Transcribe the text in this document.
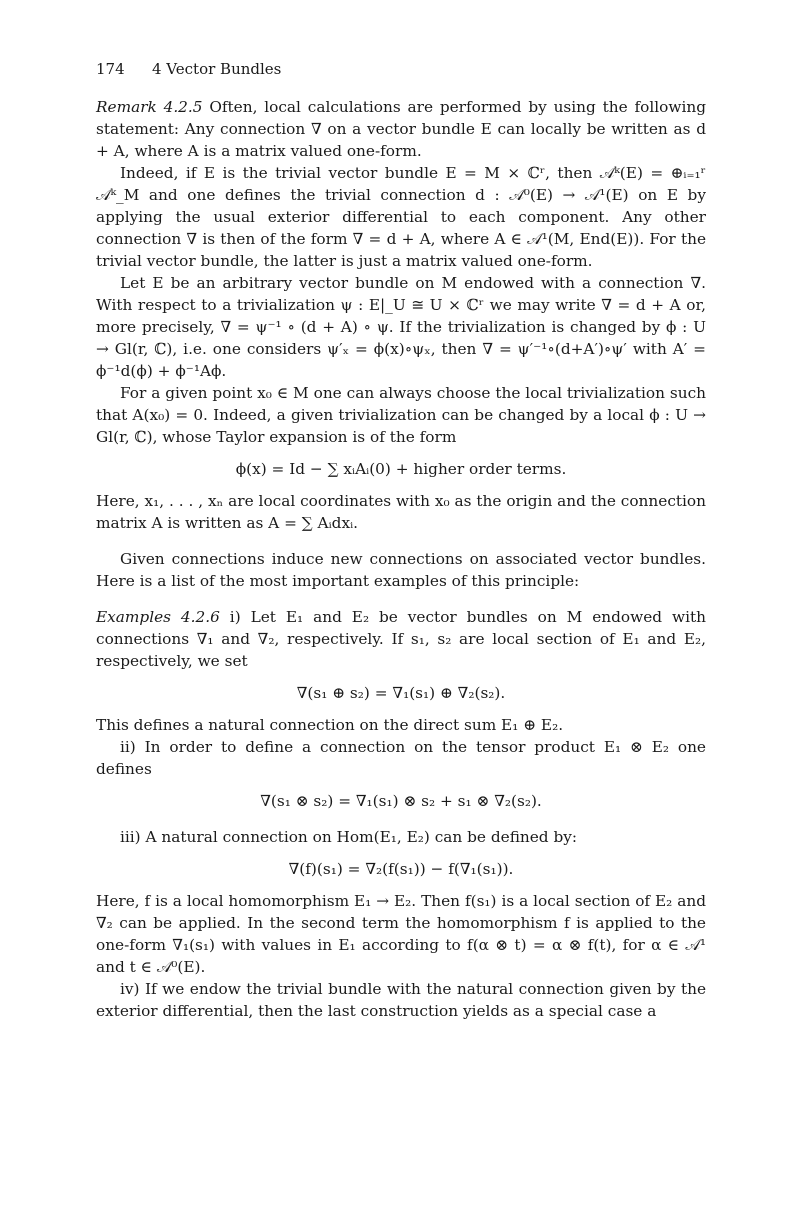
174 4 Vector Bundles

Remark 4.2.5 Often, local calculations are performed by using the following statement: Any connection ∇ on a vector bundle E can locally be written as d + A, where A is a matrix valued one-form.

Indeed, if E is the trivial vector bundle E = M × ℂʳ, then 𝒜ᵏ(E) = ⊕ᵢ₌₁ʳ 𝒜ᵏ_M and one defines the trivial connection d : 𝒜⁰(E) → 𝒜¹(E) on E by applying the usual exterior differential to each component. Any other connection ∇ is then of the form ∇ = d + A, where A ∈ 𝒜¹(M, End(E)). For the trivial vector bundle, the latter is just a matrix valued one-form.

Let E be an arbitrary vector bundle on M endowed with a connection ∇. With respect to a trivialization ψ : E|_U ≅ U × ℂʳ we may write ∇ = d + A or, more precisely, ∇ = ψ⁻¹ ∘ (d + A) ∘ ψ. If the trivialization is changed by ϕ : U → Gl(r, ℂ), i.e. one considers ψ′ₓ = ϕ(x)∘ψₓ, then ∇ = ψ′⁻¹∘(d+A′)∘ψ′ with A′ = ϕ⁻¹d(ϕ) + ϕ⁻¹Aϕ.

For a given point x₀ ∈ M one can always choose the local trivialization such that A(x₀) = 0. Indeed, a given trivialization can be changed by a local ϕ : U → Gl(r, ℂ), whose Taylor expansion is of the form

ϕ(x) = Id − ∑ xᵢAᵢ(0) + higher order terms.

Here, x₁, . . . , xₙ are local coordinates with x₀ as the origin and the connection matrix A is written as A = ∑ Aᵢdxᵢ.

Given connections induce new connections on associated vector bundles. Here is a list of the most important examples of this principle:

Examples 4.2.6 i) Let E₁ and E₂ be vector bundles on M endowed with connections ∇₁ and ∇₂, respectively. If s₁, s₂ are local section of E₁ and E₂, respectively, we set

∇(s₁ ⊕ s₂) = ∇₁(s₁) ⊕ ∇₂(s₂).

This defines a natural connection on the direct sum E₁ ⊕ E₂.

ii) In order to define a connection on the tensor product E₁ ⊗ E₂ one defines

∇(s₁ ⊗ s₂) = ∇₁(s₁) ⊗ s₂ + s₁ ⊗ ∇₂(s₂).

iii) A natural connection on Hom(E₁, E₂) can be defined by:

∇(f)(s₁) = ∇₂(f(s₁)) − f(∇₁(s₁)).

Here, f is a local homomorphism E₁ → E₂. Then f(s₁) is a local section of E₂ and ∇₂ can be applied. In the second term the homomorphism f is applied to the one-form ∇₁(s₁) with values in E₁ according to f(α ⊗ t) = α ⊗ f(t), for α ∈ 𝒜¹ and t ∈ 𝒜⁰(E).

iv) If we endow the trivial bundle with the natural connection given by the exterior differential, then the last construction yields as a special case a
